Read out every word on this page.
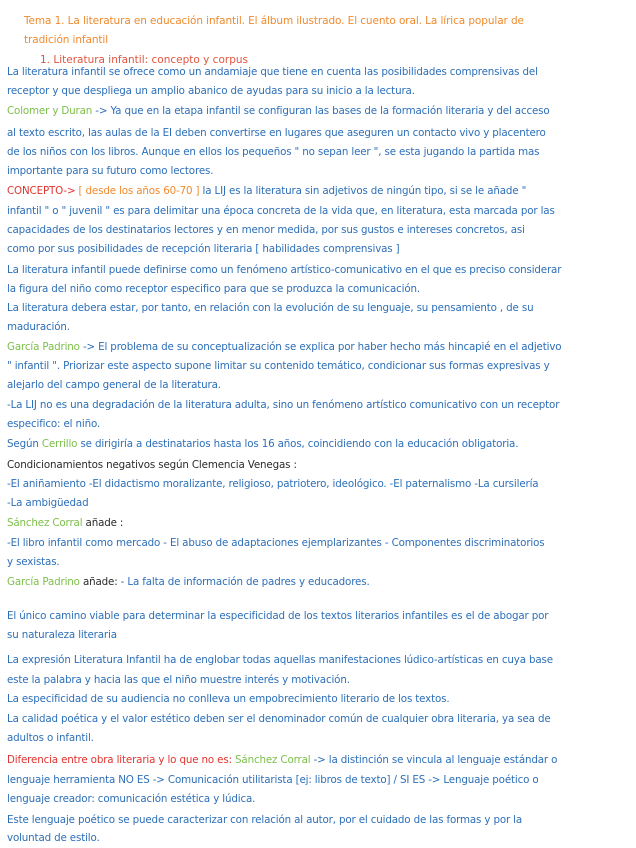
Tema 1. La literatura en educación infantil. El álbum ilustrado. El cuento oral. La lírica popular de
tradición infantil
1. Literatura infantil: concepto y corpus
La literatura infantil se ofrece como un andamiaje que tiene en cuenta las posibilidades comprensivas del
receptor y que despliega un amplio abanico de ayudas para su inicio a la lectura.
Colomer y Duran -> Ya que en la etapa infantil se configuran las bases de la formación literaria y del acceso
al texto escrito, las aulas de la EI deben convertirse en lugares que aseguren un contacto vivo y placentero
de los niños con los libros. Aunque en ellos los pequeños " no sepan leer ", se esta jugando la partida mas
importante para su futuro como lectores.
CONCEPTO-> [ desde los años 60-70 ] la LIJ es la literatura sin adjetivos de ningún tipo, si se le añade "
infantil " o " juvenil " es para delimitar una época concreta de la vida que, en literatura, esta marcada por las
capacidades de los destinatarios lectores y en menor medida, por sus gustos e intereses concretos, asi
como por sus posibilidades de recepción literaria [ habilidades comprensivas ]
La literatura infantil puede definirse como un fenómeno artístico-comunicativo en el que es preciso considerar
la figura del niño como receptor especifico para que se produzca la comunicación.
La literatura debera estar, por tanto, en relación con la evolución de su lenguaje, su pensamiento , de su
maduración.
García Padrino -> El problema de su conceptualización se explica por haber hecho más hincapié en el adjetivo
" infantil ". Priorizar este aspecto supone limitar su contenido temático, condicionar sus formas expresivas y
alejarlo del campo general de la literatura.
-La LIJ no es una degradación de la literatura adulta, sino un fenómeno artístico comunicativo con un receptor
especifico: el niño.
Según Cerrillo se dirigiría a destinatarios hasta los 16 años, coincidiendo con la educación obligatoria.
Condicionamientos negativos según Clemencia Venegas :
-El aniñamiento -El didactismo moralizante, religioso, patriotero, ideológico. -El paternalismo -La cursilería
-La ambigüedad
Sánchez Corral añade :
-El libro infantil como mercado - El abuso de adaptaciones ejemplarizantes - Componentes discriminatorios
y sexistas.
García Padrino añade: - La falta de información de padres y educadores.
El único camino viable para determinar la especificidad de los textos literarios infantiles es el de abogar por
su naturaleza literaria
La expresión Literatura Infantil ha de englobar todas aquellas manifestaciones lúdico-artísticas en cuya base
este la palabra y hacia las que el niño muestre interés y motivación.
La especificidad de su audiencia no conlleva un empobrecimiento literario de los textos.
La calidad poética y el valor estético deben ser el denominador común de cualquier obra literaria, ya sea de
adultos o infantil.
Diferencia entre obra literaria y lo que no es: Sánchez Corral -> la distinción se vincula al lenguaje estándar o
lenguaje herramienta NO ES -> Comunicación utilitarista [ej: libros de texto] / SI ES -> Lenguaje poético o
lenguaje creador: comunicación estética y lúdica.
Este lenguaje poético se puede caracterizar con relación al autor, por el cuidado de las formas y por la
voluntad de estilo.
